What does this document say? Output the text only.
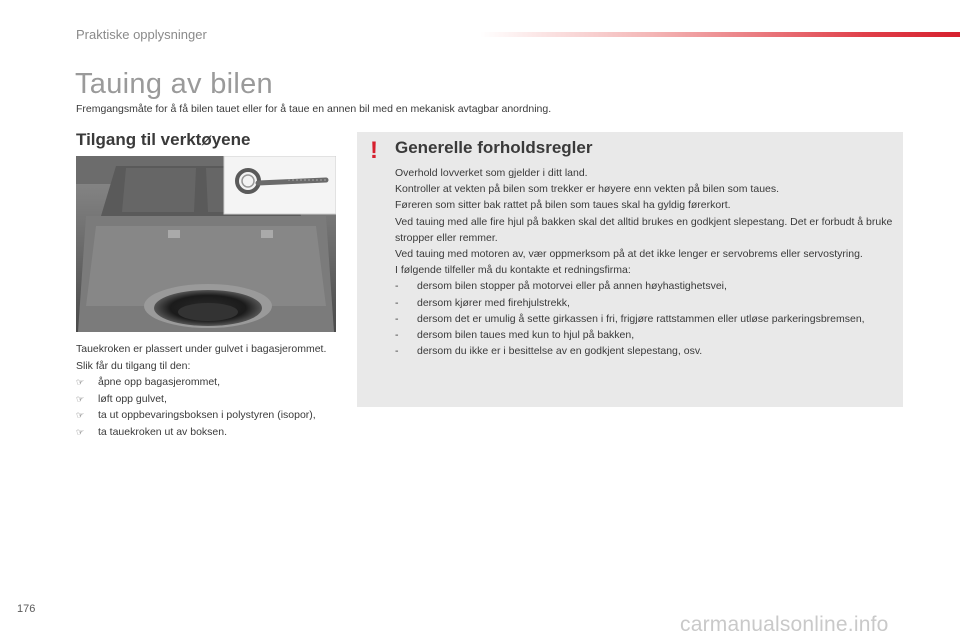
Praktiske opplysninger
Tauing av bilen

Fremgangsmåte for å få bilen tauet eller for å taue en annen bil med en mekanisk avtagbar anordning.

Tilgang til verktøyene

Tauekroken er plassert under gulvet i bagasjerommet.

Slik får du tilgang til den:

☞ åpne opp bagasjerommet,
☞ løft opp gulvet,
☞ ta ut oppbevaringsboksen i polystyren (isopor),
☞ ta tauekroken ut av boksen.
! Generelle forholdsregler

Overhold lovverket som gjelder i ditt land.

Kontroller at vekten på bilen som trekker er høyere enn vekten på bilen som taues.

Føreren som sitter bak rattet på bilen som taues skal ha gyldig førerkort.

Ved tauing med alle fire hjul på bakken skal det alltid brukes en godkjent slepestang. Det er forbudt å bruke stropper eller remmer.

Ved tauing med motoren av, vær oppmerksom på at det ikke lenger er servobrems eller servostyring.

I følgende tilfeller må du kontakte et redningsfirma:

- dersom bilen stopper på motorvei eller på annen høyhastighetsvei,
- dersom kjører med firehjulstrekk,
- dersom det er umulig å sette girkassen i fri, frigjøre rattstammen eller utløse parkeringsbremsen,
- dersom bilen taues med kun to hjul på bakken,
- dersom du ikke er i besittelse av en godkjent slepestang, osv.
176
carmanualsonline.info
